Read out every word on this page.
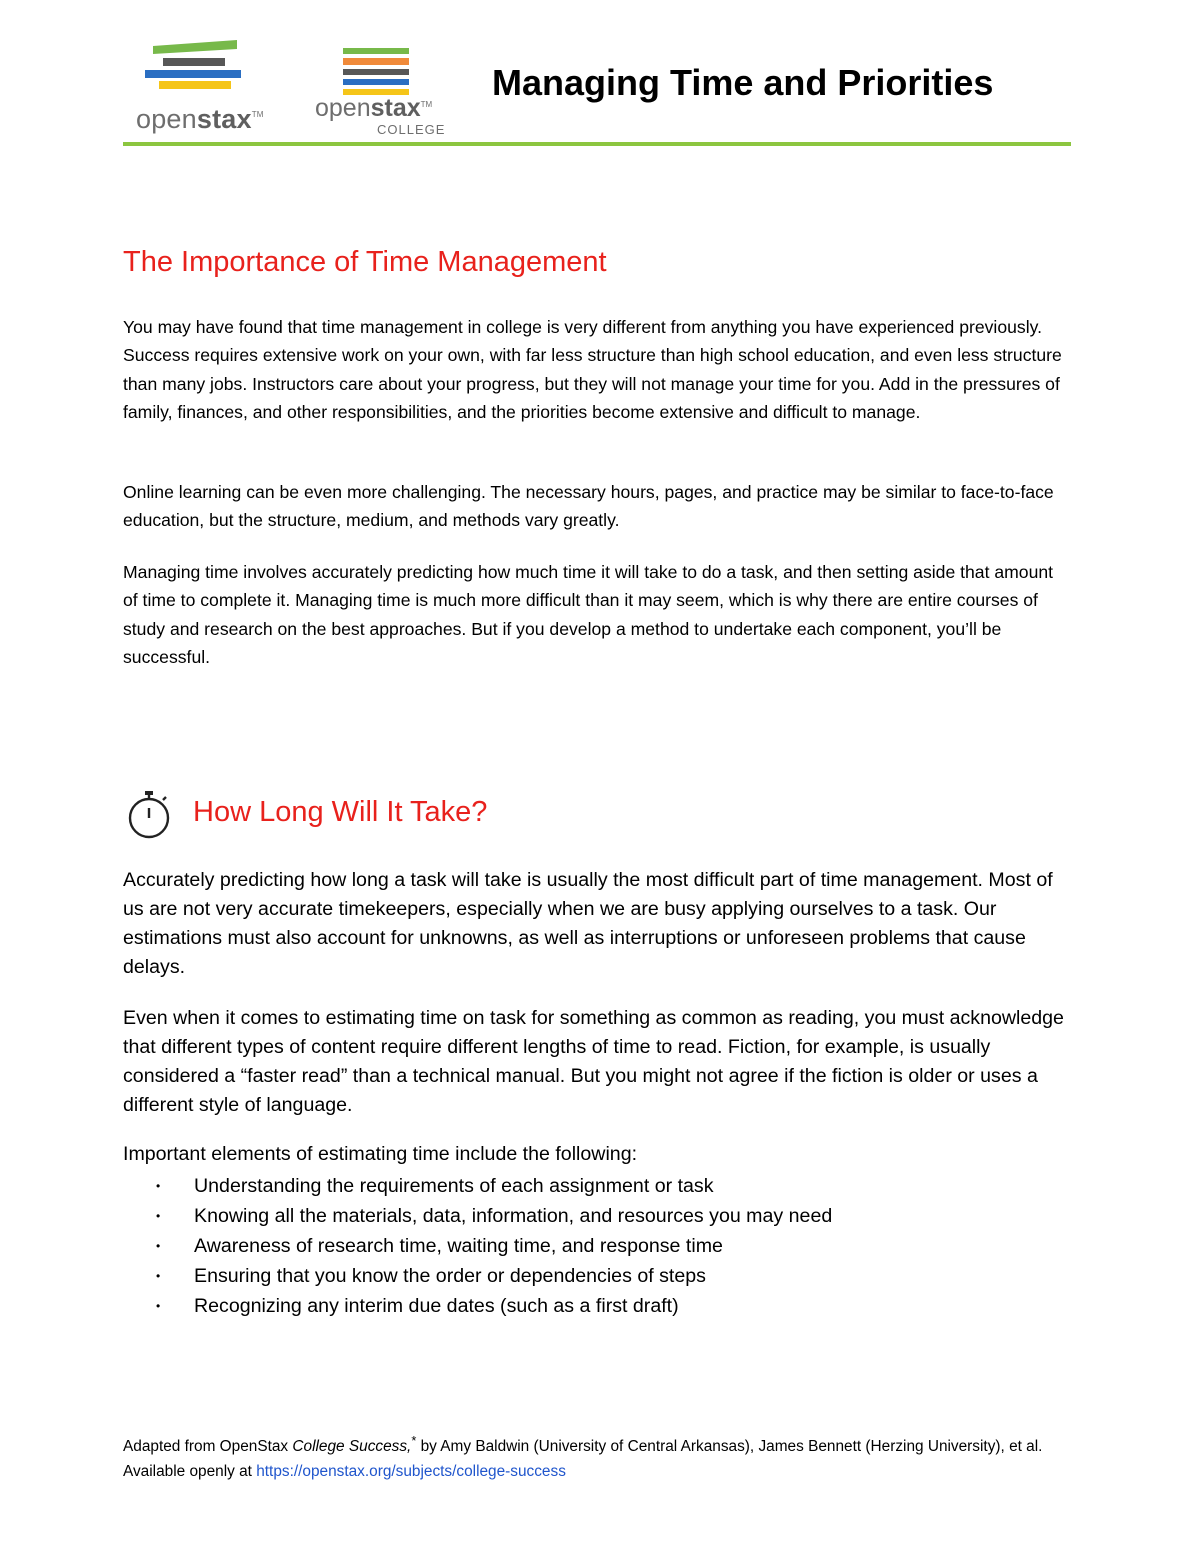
openstax™ openstax™
COLLEGE
Managing Time and Priorities
The Importance of Time Management

You may have found that time management in college is very different from anything you have experienced previously. Success requires extensive work on your own, with far less structure than high school education, and even less structure than many jobs. Instructors care about your progress, but they will not manage your time for you. Add in the pressures of family, finances, and other responsibilities, and the priorities become extensive and difficult to manage.

Online learning can be even more challenging. The necessary hours, pages, and practice may be similar to face-to-face education, but the structure, medium, and methods vary greatly.

Managing time involves accurately predicting how much time it will take to do a task, and then setting aside that amount of time to complete it. Managing time is much more difficult than it may seem, which is why there are entire courses of study and research on the best approaches. But if you develop a method to undertake each component, you’ll be successful.

How Long Will It Take?

Accurately predicting how long a task will take is usually the most difficult part of time management. Most of us are not very accurate timekeepers, especially when we are busy applying ourselves to a task. Our estimations must also account for unknowns, as well as interruptions or unforeseen problems that cause delays.

Even when it comes to estimating time on task for something as common as reading, you must acknowledge that different types of content require different lengths of time to read. Fiction, for example, is usually considered a “faster read” than a technical manual. But you might not agree if the fiction is older or uses a different style of language.

Important elements of estimating time include the following:

• Understanding the requirements of each assignment or task
• Knowing all the materials, data, information, and resources you may need
• Awareness of research time, waiting time, and response time
• Ensuring that you know the order or dependencies of steps
• Recognizing any interim due dates (such as a first draft)
Adapted from OpenStax College Success,* by Amy Baldwin (University of Central Arkansas), James Bennett (Herzing University), et al. Available openly at https://openstax.org/subjects/college-success
